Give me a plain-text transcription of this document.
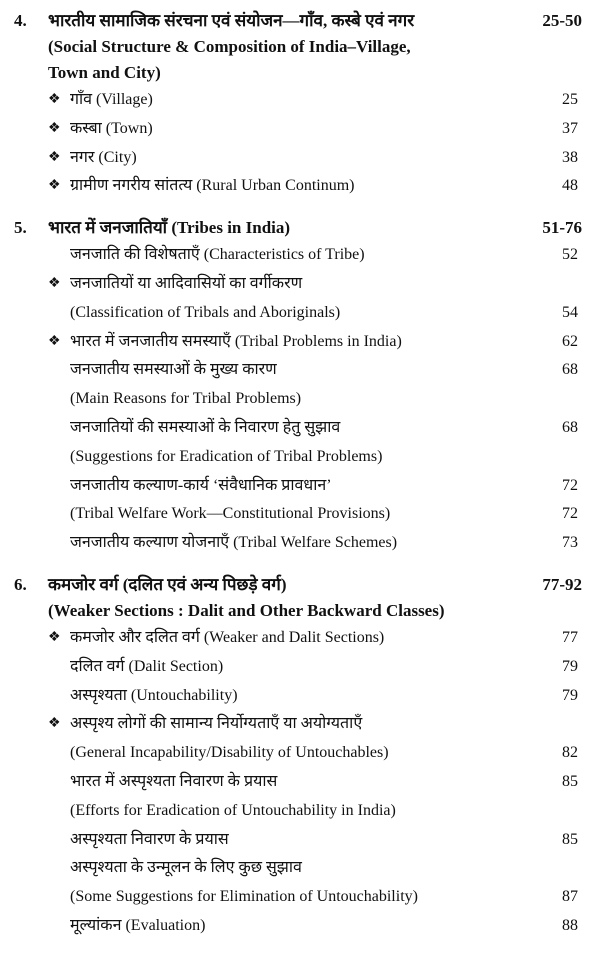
4. भारतीय सामाजिक संरचना एवं संयोजन—गाँव, कस्बे एवं नगर	25-50
(Social Structure & Composition of India–Village,
Town and City)
❖ गाँव (Village)	25
❖ कस्बा (Town)	37
❖ नगर (City)	38
❖ ग्रामीण नगरीय सांतत्य (Rural Urban Continum)	48
5. भारत में जनजातियाँ (Tribes in India)	51-76
जनजाति की विशेषताएँ (Characteristics of Tribe)	52
❖ जनजातियों या आदिवासियों का वर्गीकरण
(Classification of Tribals and Aboriginals)	54
❖ भारत में जनजातीय समस्याएँ (Tribal Problems in India)	62
जनजातीय समस्याओं के मुख्य कारण	68
(Main Reasons for Tribal Problems)
जनजातियों की समस्याओं के निवारण हेतु सुझाव	68
(Suggestions for Eradication of Tribal Problems)
जनजातीय कल्याण-कार्य ‘संवैधानिक प्रावधान’	72
(Tribal Welfare Work—Constitutional Provisions)	72
जनजातीय कल्याण योजनाएँ (Tribal Welfare Schemes)	73
6. कमजोर वर्ग (दलित एवं अन्य पिछड़े वर्ग)	77-92
(Weaker Sections : Dalit and Other Backward Classes)
❖ कमजोर और दलित वर्ग (Weaker and Dalit Sections)	77
दलित वर्ग (Dalit Section)	79
अस्पृश्यता (Untouchability)	79
❖ अस्पृश्य लोगों की सामान्य निर्योग्यताएँ या अयोग्यताएँ
(General Incapability/Disability of Untouchables)	82
भारत में अस्पृश्यता निवारण के प्रयास	85
(Efforts for Eradication of Untouchability in India)
अस्पृश्यता निवारण के प्रयास	85
अस्पृश्यता के उन्मूलन के लिए कुछ सुझाव
(Some Suggestions for Elimination of Untouchability)	87
मूल्यांकन (Evaluation)	88
